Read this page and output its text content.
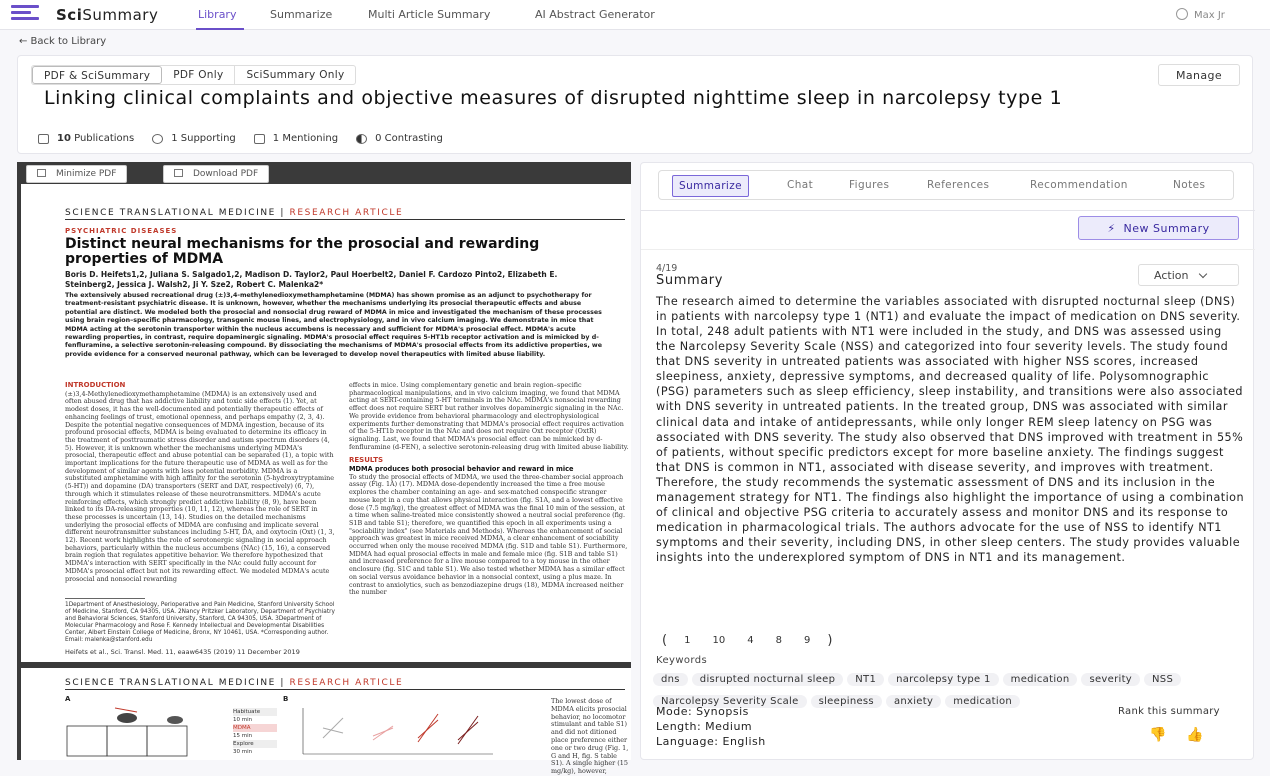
SciSummary	Library	Summarize	Multi Article Summary	AI Abstract Generator	Max Jr
← Back to Library
PDF & SciSummary	PDF Only	SciSummary Only	Manage
Linking clinical complaints and objective measures of disrupted nighttime sleep in narcolepsy type 1
10
Publications	1
Supporting	1
Mentioning	0
Contrasting
Minimize PDF	Download PDF
SCIENCE TRANSLATIONAL MEDICINE | RESEARCH ARTICLE
PSYCHIATRIC DISEASES
Distinct neural mechanisms for the prosocial and rewarding properties of MDMA
Boris D. Heifets1,2, Juliana S. Salgado1,2, Madison D. Taylor2, Paul Hoerbelt2, Daniel F. Cardozo Pinto2, Elizabeth E. Steinberg2, Jessica J. Walsh2, Ji Y. Sze2, Robert C. Malenka2*
The extensively abused recreational drug (±)3,4-methylenedioxymethamphetamine (MDMA) has shown promise as an adjunct to psychotherapy for treatment-resistant psychiatric disease. It is unknown, however, whether the mechanisms underlying its prosocial therapeutic effects and abuse potential are distinct. We modeled both the prosocial and nonsocial drug reward of MDMA in mice and investigated the mechanism of these processes using brain region–specific pharmacology, transgenic mouse lines, and electrophysiology, and in vivo calcium imaging. We demonstrate in mice that MDMA acting at the serotonin transporter within the nucleus accumbens is necessary and sufficient for MDMA's prosocial effect. MDMA's acute rewarding properties, in contrast, require dopaminergic signaling. MDMA's prosocial effect requires 5-HT1b receptor activation and is mimicked by d-fenfluramine, a selective serotonin-releasing compound. By dissociating the mechanisms of MDMA's prosocial effects from its addictive properties, we provide evidence for a conserved neuronal pathway, which can be leveraged to develop novel therapeutics with limited abuse liability.
INTRODUCTION
(±)3,4-Methylenedioxymethamphetamine (MDMA) is an extensively used and often abused drug that has addictive liability and toxic side effects (1). Yet, at modest doses, it has the well-documented and potentially therapeutic effects of enhancing feelings of trust, emotional openness, and perhaps empathy (2, 3, 4). Despite the potential negative consequences of MDMA ingestion, because of its profound prosocial effects, MDMA is being evaluated to determine its efficacy in the treatment of posttraumatic stress disorder and autism spectrum disorders (4, 5). However, it is unknown whether the mechanisms underlying MDMA's prosocial, therapeutic effect and abuse potential can be separated (1), a topic with important implications for the future therapeutic use of MDMA as well as for the development of similar agents with less potential morbidity. MDMA is a substituted amphetamine with high affinity for the serotonin (5-hydroxytryptamine (5-HT)) and dopamine (DA) transporters (SERT and DAT, respectively) (6, 7), through which it stimulates release of these neurotransmitters. MDMA's acute reinforcing effects, which strongly predict addictive liability (8, 9), have been linked to its DA-releasing properties (10, 11, 12), whereas the role of SERT in these processes is uncertain (13, 14). Studies on the detailed mechanisms underlying the prosocial effects of MDMA are confusing and implicate several different neurotransmitter substances including 5-HT, DA, and oxytocin (Oxt) (1, 3, 12). Recent work highlights the role of serotonergic signaling in social approach behaviors, particularly within the nucleus accumbens (NAc) (15, 16), a conserved brain region that regulates appetitive behavior. We therefore hypothesized that MDMA's interaction with SERT specifically in the NAc could fully account for MDMA's prosocial effect but not its rewarding effect. We modeled MDMA's acute prosocial and nonsocial rewarding
effects in mice. Using complementary genetic and brain region–specific pharmacological manipulations, and in vivo calcium imaging, we found that MDMA acting at SERT-containing 5-HT terminals in the NAc. MDMA's nonsocial rewarding effect does not require SERT but rather involves dopaminergic signaling in the NAc. We provide evidence from behavioral pharmacology and electrophysiological experiments further demonstrating that MDMA's prosocial effect requires activation of the 5-HT1b receptor in the NAc and does not require Oxt receptor (OxtR) signaling. Last, we found that MDMA's prosocial effect can be mimicked by d-fenfluramine (d-FEN), a selective serotonin-releasing drug with limited abuse liability.
RESULTS
MDMA produces both prosocial behavior and reward in mice
To study the prosocial effects of MDMA, we used the three-chamber social approach assay (Fig. 1A) (17). MDMA dose-dependently increased the time a free mouse explores the chamber containing an age- and sex-matched conspecific stranger mouse kept in a cup that allows physical interaction (fig. S1A, and a lowest effective dose (7.5 mg/kg), the greatest effect of MDMA was the final 10 min of the session, at a time when saline-treated mice consistently showed a neutral social preference (fig. S1B and table S1); therefore, we quantified this epoch in all experiments using a "sociability index" (see Materials and Methods). Whereas the enhancement of social approach was greatest in mice received MDMA, a clear enhancement of sociability occurred when only the mouse received MDMA (fig. S1D and table S1). Furthermore, MDMA had equal prosocial effects in male and female mice (fig. S1B and table S1) and increased preference for a live mouse compared to a toy mouse in the other enclosure (fig. S1C and table S1). We also tested whether MDMA has a similar effect on social versus avoidance behavior in a nonsocial context, using a plus maze. In contrast to anxiolytics, such as benzodiazepine drugs (18), MDMA increased neither the number
1Department of Anesthesiology, Perioperative and Pain Medicine, Stanford University School of Medicine, Stanford, CA 94305, USA. 2Nancy Pritzker Laboratory, Department of Psychiatry and Behavioral Sciences, Stanford University, Stanford, CA 94305, USA. 3Department of Molecular Pharmacology and Rose F. Kennedy Intellectual and Developmental Disabilities Center, Albert Einstein College of Medicine, Bronx, NY 10461, USA. *Corresponding author. Email: malenka@stanford.edu
Heifets et al., Sci. Transl. Med. 11, eaaw6435 (2019) 11 December 2019
SCIENCE TRANSLATIONAL MEDICINE | RESEARCH ARTICLE
A	B
Habituate
10 min
MDMA
15 min
Explore
30 min
The lowest dose of MDMA elicits prosocial behavior, no locomotor stimulant and table S1) and did not ditioned place preference either one or two drug (Fig. 1, G and H, fig. S table S1). A single higher (15 mg/kg), however,
Summarize	Chat	Figures	References	Recommendation	Notes
⚡  New Summary
4/19
Summary	Action
The research aimed to determine the variables associated with disrupted nocturnal sleep (DNS) in patients with narcolepsy type 1 (NT1) and evaluate the impact of medication on DNS severity. In total, 248 adult patients with NT1 were included in the study, and DNS was assessed using the Narcolepsy Severity Scale (NSS) and categorized into four severity levels. The study found that DNS severity in untreated patients was associated with higher NSS scores, increased sleepiness, anxiety, depressive symptoms, and decreased quality of life. Polysomnographic (PSG) parameters such as sleep efficiency, sleep instability, and transitions were also associated with DNS severity in untreated patients. In the treated group, DNS was associated with similar clinical data and intake of antidepressants, while only longer REM sleep latency on PSG was associated with DNS severity. The study also observed that DNS improved with treatment in 55% of patients, without specific predictors except for more baseline anxiety. The findings suggest that DNS is common in NT1, associated with disease severity, and improves with treatment. Therefore, the study recommends the systematic assessment of DNS and its inclusion in the management strategy for NT1. The findings also highlight the importance of using a combination of clinical and objective PSG criteria to accurately assess and monitor DNS and its response to medication in pharmacological trials. The authors advocate for the use of NSS to identify NT1 symptoms and their severity, including DNS, in other sleep centers. The study provides valuable insights into the underexplored symptom of DNS in NT1 and its management.
( 1 10 4 8 9 )
Keywords
dns disrupted nocturnal sleep NT1 narcolepsy type 1 medication severity NSSNarcolepsy Severity Scale sleepiness anxiety medication
Mode: Synopsis
Length: Medium
Language: English
Rank this summary
👎 👍
